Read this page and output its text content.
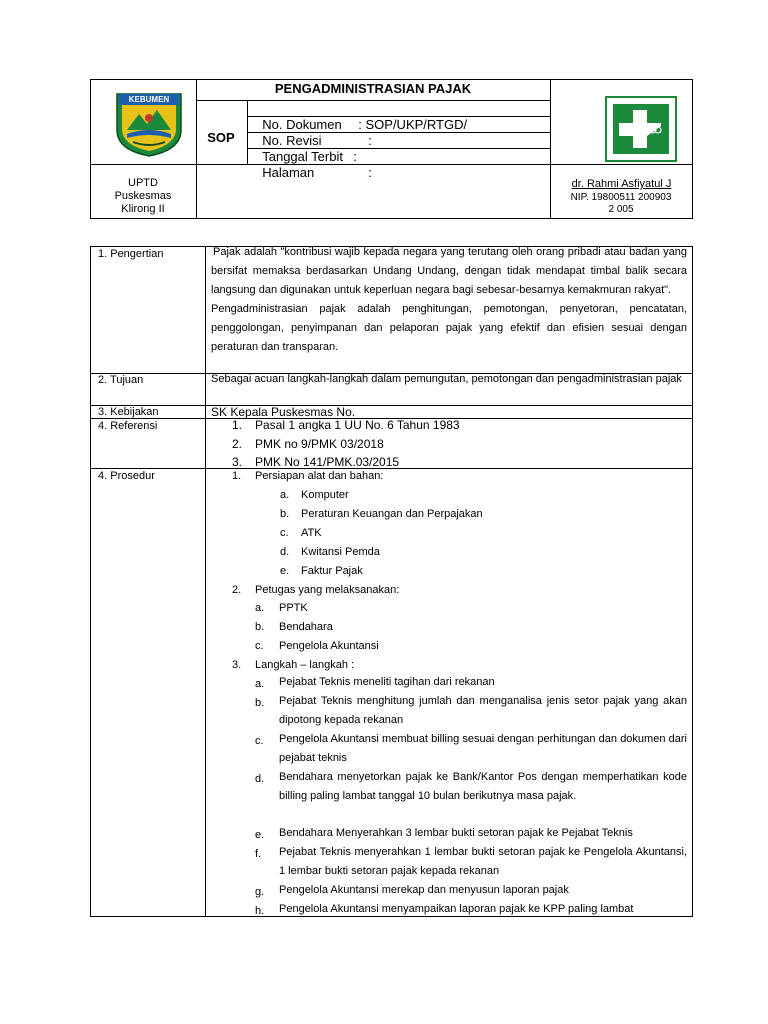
KEBUMEN
PENGADMINISTRASIAN PAJAK
SOP

No. Dokumen : SOP/UKP/RTGD/

No. Revisi	:

Tanggal Terbit :

Halaman	:

UPTD
Puskesmas
Klirong II
dr. Rahmi Asfiyatul J
NIP. 19800511 200903
2 005
1. Pengertian	Pajak adalah "kontribusi wajib kepada negara yang terutang oleh orang pribadi atau badan yang bersifat memaksa berdasarkan Undang Undang, dengan tidak mendapat timbal balik secara langsung dan digunakan untuk keperluan negara bagi sebesar-besarnya kemakmuran rakyat".

Pengadministrasian pajak adalah penghitungan, pemotongan, penyetoran, pencatatan, penggolongan, penyimpanan dan pelaporan pajak yang efektif dan efisien sesuai dengan peraturan dan transparan.

2. Tujuan	Sebagai acuan langkah-langkah dalam pemungutan, pemotongan dan pengadministrasian pajak
3. Kebijakan	SK Kepala Puskesmas No.
4. Referensi	1. Pasal 1 angka 1 UU No. 6 Tahun 1983
2. PMK no 9/PMK 03/2018
3. PMK No 141/PMK.03/2015
4. Prosedur	1. Persiapan alat dan bahan:
a. Komputer
b. Peraturan Keuangan dan Perpajakan
c. ATK
d. Kwitansi Pemda
e. Faktur Pajak
2. Petugas yang melaksanakan:
a. PPTK
b. Bendahara
c. Pengelola Akuntansi
3. Langkah – langkah :
a. Pejabat Teknis meneliti tagihan dari rekanan
b. Pejabat Teknis menghitung jumlah dan menganalisa jenis setor pajak yang akan dipotong kepada rekanan
c. Pengelola Akuntansi membuat billing sesuai dengan perhitungan dan dokumen dari pejabat teknis
d. Bendahara menyetorkan pajak ke Bank/Kantor Pos dengan memperhatikan kode billing paling lambat tanggal 10 bulan berikutnya masa pajak.
e. Bendahara Menyerahkan 3 lembar bukti setoran pajak ke Pejabat Teknis
f. Pejabat Teknis menyerahkan 1 lembar bukti setoran pajak ke Pengelola Akuntansi, 1 lembar bukti setoran pajak kepada rekanan
g. Pengelola Akuntansi merekap dan menyusun laporan pajak
h. Pengelola Akuntansi menyampaikan laporan pajak ke KPP paling lambat
